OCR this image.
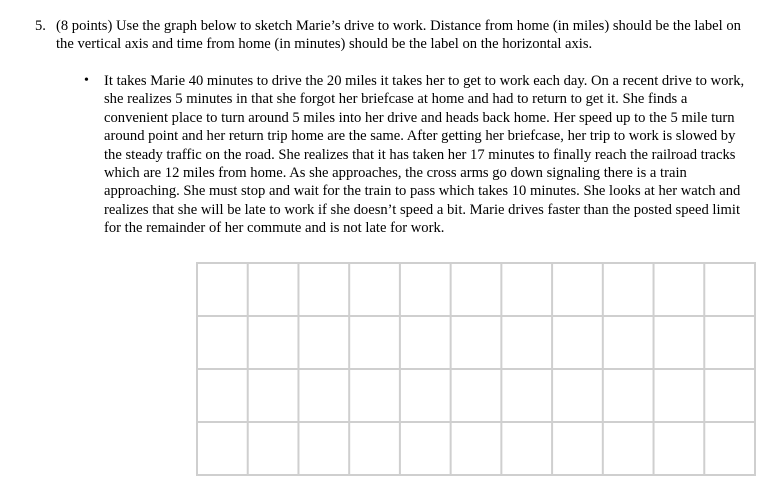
5. (8 points) Use the graph below to sketch Marie’s drive to work. Distance from home (in miles) should be the label on
the vertical axis and time from home (in minutes) should be the label on the horizontal axis.
• It takes Marie 40 minutes to drive the 20 miles it takes her to get to work each day. On a recent drive to work,
she realizes 5 minutes in that she forgot her briefcase at home and had to return to get it. She finds a
convenient place to turn around 5 miles into her drive and heads back home. Her speed up to the 5 mile turn
around point and her return trip home are the same. After getting her briefcase, her trip to work is slowed by
the steady traffic on the road. She realizes that it has taken her 17 minutes to finally reach the railroad tracks
which are 12 miles from home. As she approaches, the cross arms go down signaling there is a train
approaching. She must stop and wait for the train to pass which takes 10 minutes. She looks at her watch and
realizes that she will be late to work if she doesn’t speed a bit. Marie drives faster than the posted speed limit
for the remainder of her commute and is not late for work.
